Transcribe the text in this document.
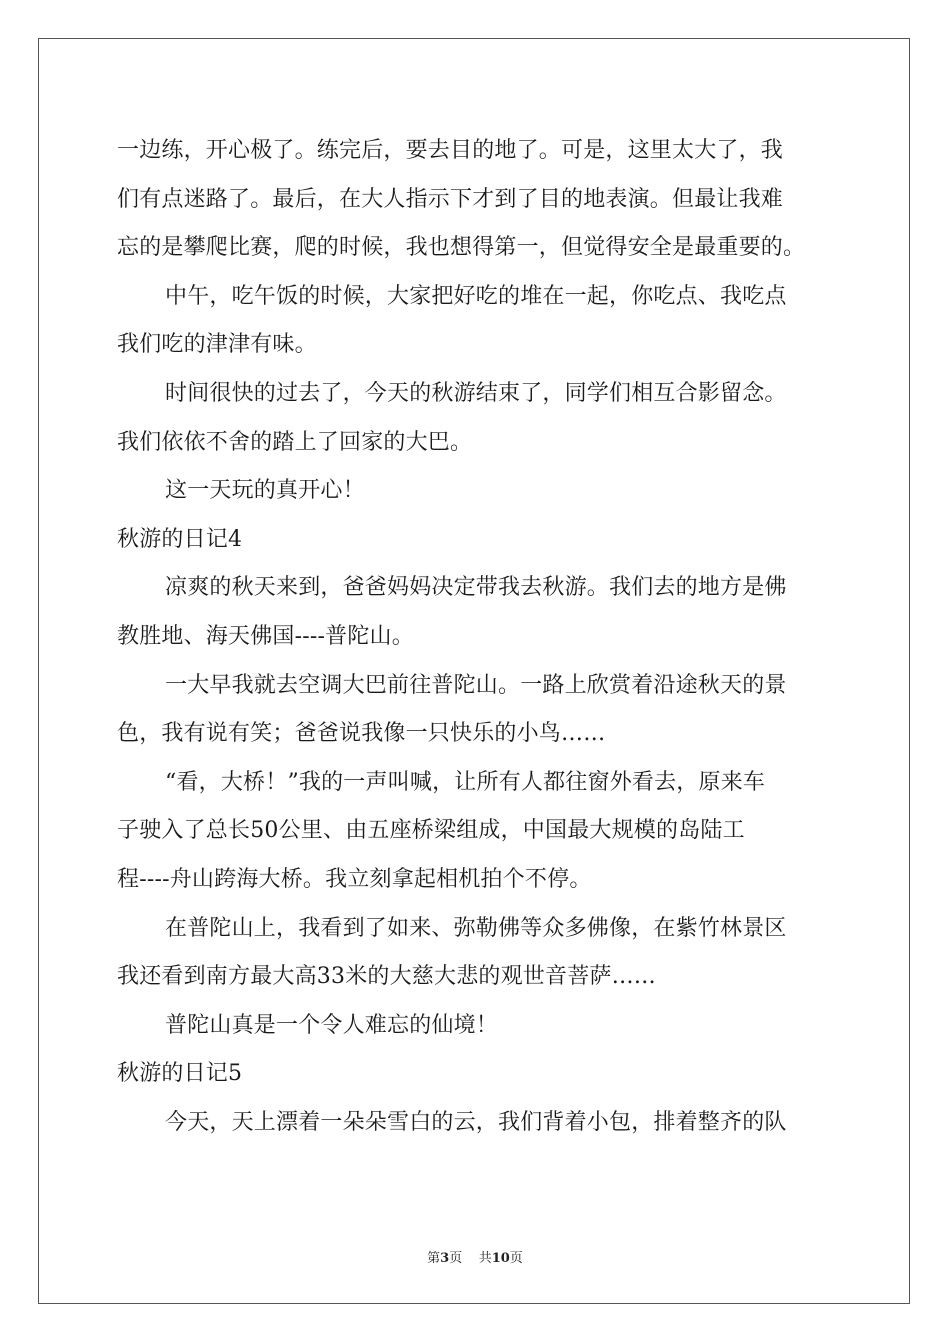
一边练，开心极了。练完后，要去目的地了。可是，这里太大了，我
们有点迷路了。最后，在大人指示下才到了目的地表演。但最让我难
忘的是攀爬比赛，爬的时候，我也想得第一，但觉得安全是最重要的。
中午，吃午饭的时候，大家把好吃的堆在一起，你吃点、我吃点
我们吃的津津有味。
时间很快的过去了，今天的秋游结束了，同学们相互合影留念。
我们依依不舍的踏上了回家的大巴。
这一天玩的真开心！
秋游的日记4
凉爽的秋天来到，爸爸妈妈决定带我去秋游。我们去的地方是佛
教胜地、海天佛国----普陀山。
一大早我就去空调大巴前往普陀山。一路上欣赏着沿途秋天的景
色，我有说有笑；爸爸说我像一只快乐的小鸟……
“看，大桥！”我的一声叫喊，让所有人都往窗外看去，原来车
子驶入了总长50公里、由五座桥梁组成，中国最大规模的岛陆工
程----舟山跨海大桥。我立刻拿起相机拍个不停。
在普陀山上，我看到了如来、弥勒佛等众多佛像，在紫竹林景区
我还看到南方最大高33米的大慈大悲的观世音菩萨……
普陀山真是一个令人难忘的仙境！
秋游的日记5
今天，天上漂着一朵朵雪白的云，我们背着小包，排着整齐的队
第3页 共10页
